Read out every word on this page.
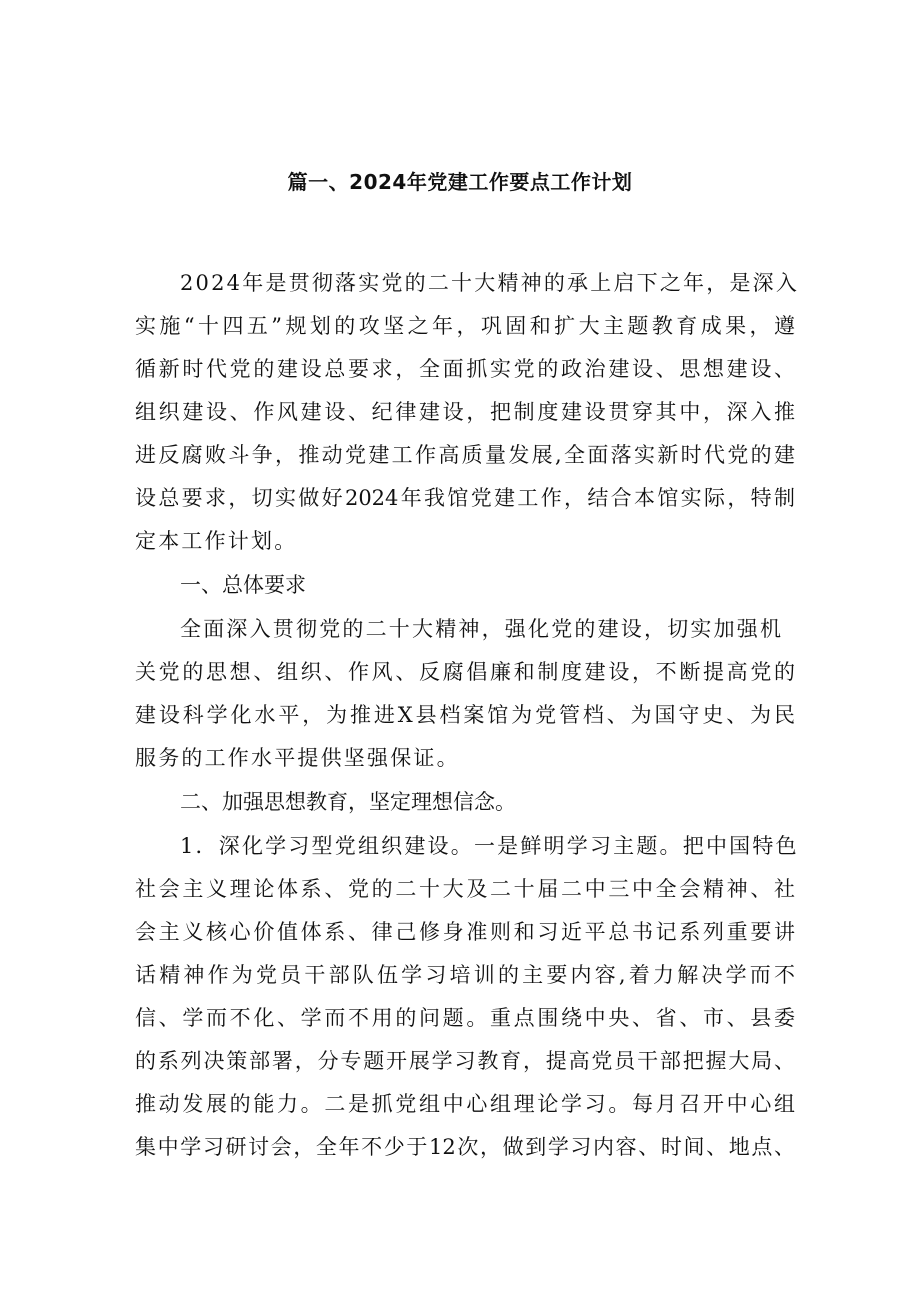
篇一、2024年党建工作要点工作计划
2024年是贯彻落实党的二十大精神的承上启下之年，是深入
实施“十四五”规划的攻坚之年，巩固和扩大主题教育成果，遵
循新时代党的建设总要求，全面抓实党的政治建设、思想建设、
组织建设、作风建设、纪律建设，把制度建设贯穿其中，深入推
进反腐败斗争，推动党建工作高质量发展,全面落实新时代党的建
设总要求，切实做好2024年我馆党建工作，结合本馆实际，特制
定本工作计划。
一、总体要求
全面深入贯彻党的二十大精神，强化党的建设，切实加强机
关党的思想、组织、作风、反腐倡廉和制度建设，不断提高党的
建设科学化水平，为推进X县档案馆为党管档、为国守史、为民
服务的工作水平提供坚强保证。
二、加强思想教育，坚定理想信念。
1．深化学习型党组织建设。一是鲜明学习主题。把中国特色
社会主义理论体系、党的二十大及二十届二中三中全会精神、社
会主义核心价值体系、律己修身准则和习近平总书记系列重要讲
话精神作为党员干部队伍学习培训的主要内容,着力解决学而不
信、学而不化、学而不用的问题。重点围绕中央、省、市、县委
的系列决策部署，分专题开展学习教育，提高党员干部把握大局、
推动发展的能力。二是抓党组中心组理论学习。每月召开中心组
集中学习研讨会，全年不少于12次，做到学习内容、时间、地点、
